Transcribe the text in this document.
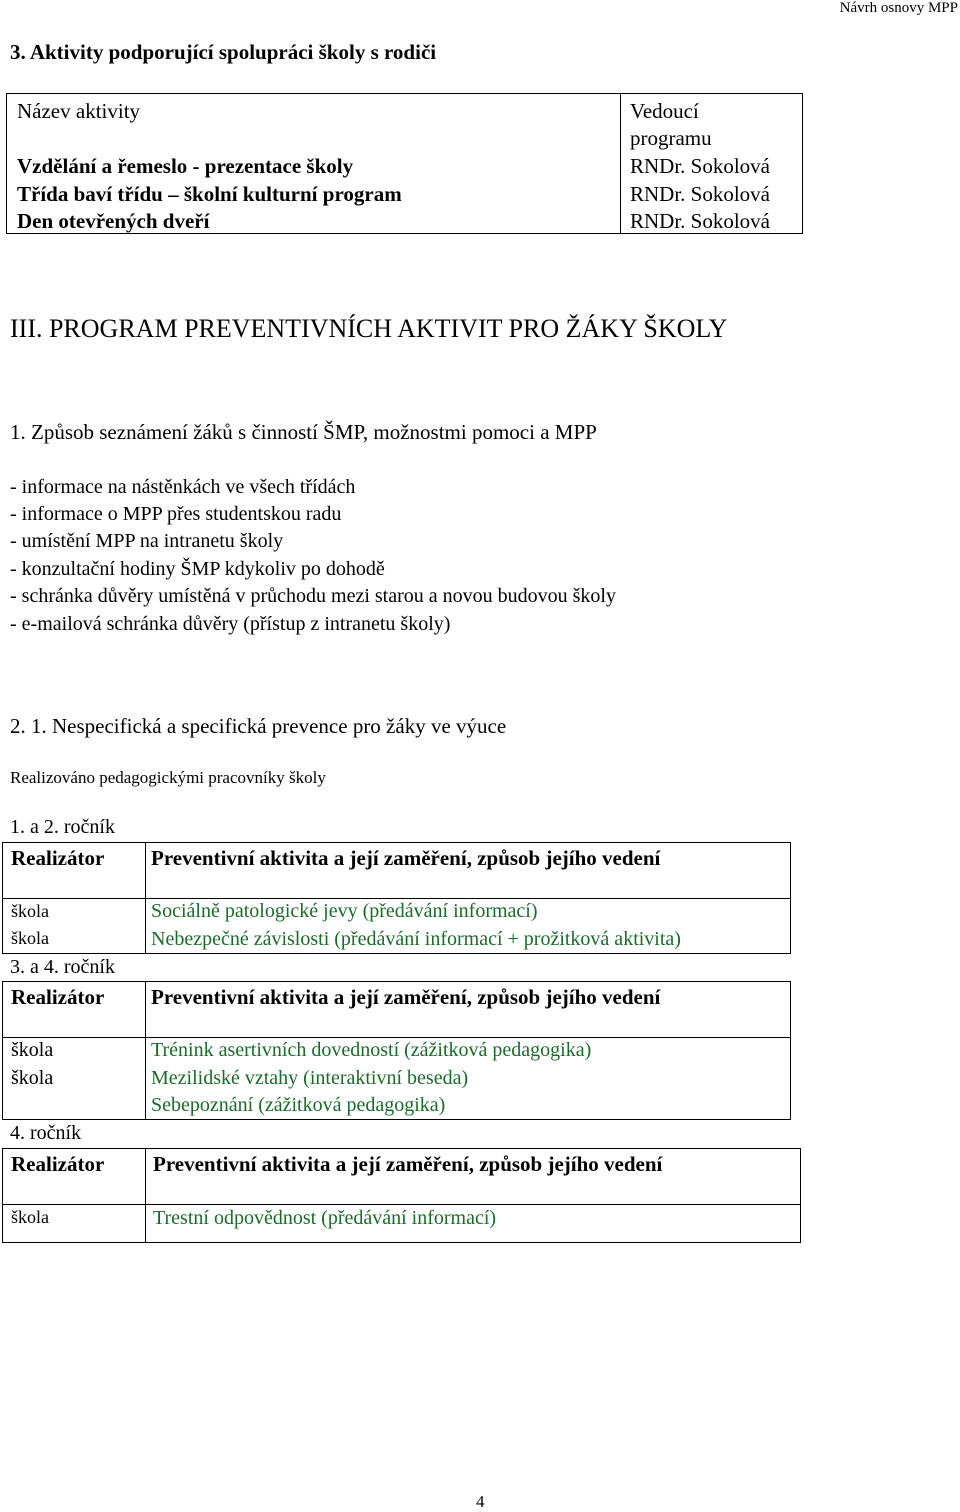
Návrh osnovy MPP
3. Aktivity podporující spolupráci školy s rodiči
Název aktivity	Vedoucí
programu
Vzdělání a řemeslo - prezentace školy	RNDr. Sokolová
Třída baví třídu – školní kulturní program	RNDr. Sokolová
Den otevřených dveří	RNDr. Sokolová
III. PROGRAM PREVENTIVNÍCH AKTIVIT PRO ŽÁKY ŠKOLY
1. Způsob seznámení žáků s činností ŠMP, možnostmi pomoci a MPP
- informace na nástěnkách ve všech třídách
- informace o MPP přes studentskou radu
- umístění MPP na intranetu školy
- konzultační hodiny ŠMP kdykoliv po dohodě
- schránka důvěry umístěná v průchodu mezi starou a novou budovou školy
- e-mailová schránka důvěry (přístup z intranetu školy)
2. 1. Nespecifická a specifická prevence pro žáky ve výuce
Realizováno pedagogickými pracovníky školy
1. a 2. ročník
Realizátor Preventivní aktivita a její zaměření, způsob jejího vedení
škola	Sociálně patologické jevy (předávání informací)
škola	Nebezpečné závislosti (předávání informací + prožitková aktivita)
3. a 4. ročník
Realizátor Preventivní aktivita a její zaměření, způsob jejího vedení
škola	Trénink asertivních dovedností (zážitková pedagogika)
škola	Mezilidské vztahy (interaktivní beseda)
Sebepoznání (zážitková pedagogika)
4. ročník
Realizátor Preventivní aktivita a její zaměření, způsob jejího vedení
škola	Trestní odpovědnost (předávání informací)
4
